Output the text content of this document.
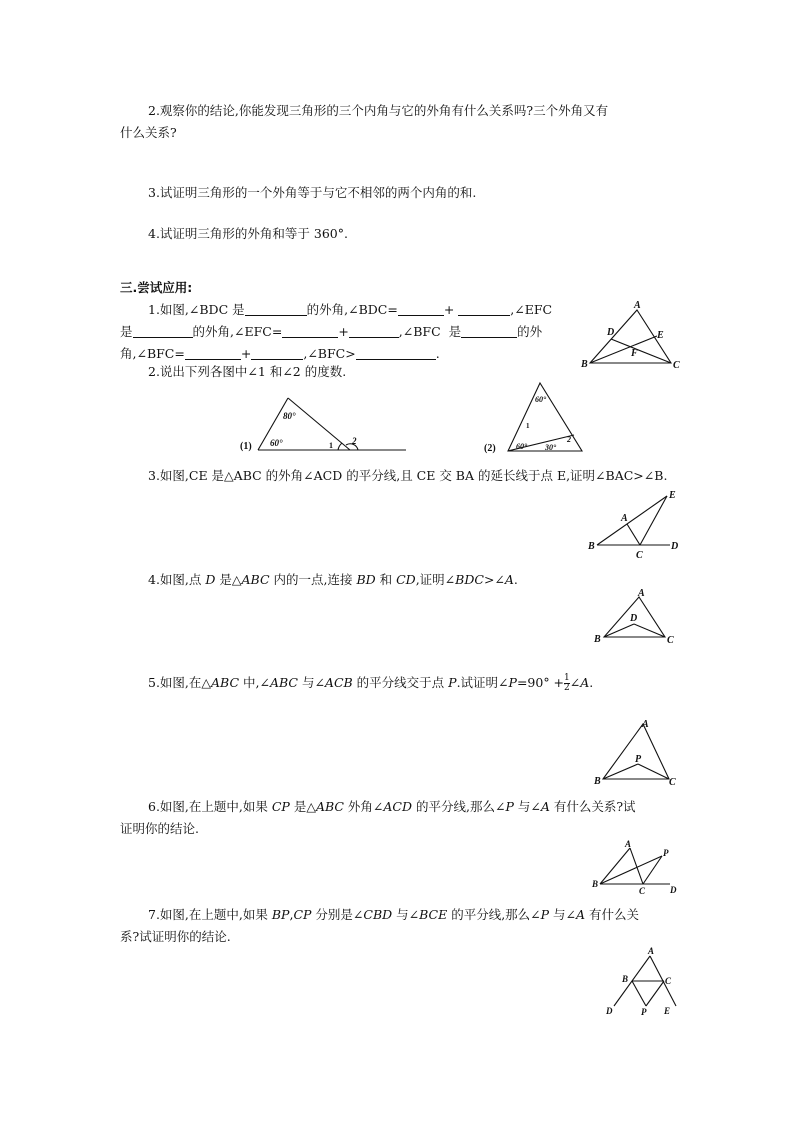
2.观察你的结论,你能发现三角形的三个内角与它的外角有什么关系吗?三个外角又有
什么关系?
3.试证明三角形的一个外角等于与它不相邻的两个内角的和.
4.试证明三角形的外角和等于 360°.
三.尝试应用:
1.如图,∠BDC 是	的外角,∠BDC=	+	,∠EFC
是	的外角,∠EFC=	+	,∠BFC 是	的外
角,∠BFC=	+	,∠BFC>	.
A
B	C
D	E
F
2.说出下列各图中∠1 和∠2 的度数.
(1)
80°
60°	1 2
(2)
60°
60° 30°
1
2
3.如图,CE 是△ABC 的外角∠ACD 的平分线,且 CE 交 BA 的延长线于点 E,证明∠BAC>∠B.
A
B
C
D
E
4.如图,点 D 是△ABC 内的一点,连接 BD 和 CD,证明∠BDC>∠A.
A
B	C
D
5.如图,在△ABC 中,∠ABC 与∠ACB 的平分线交于点 P.试证明∠P=90° + $\frac{1}{2}$ ∠A.
A
B	C
P
6.如图,在上题中,如果 CP 是△ABC 外角∠ACD 的平分线,那么∠P 与∠A 有什么关系?试
证明你的结论.
A
B
C	D
P
7.如图,在上题中,如果 BP,CP 分别是∠CBD 与∠BCE 的平分线,那么∠P 与∠A 有什么关
系?试证明你的结论.
A
B	C
D	P E
